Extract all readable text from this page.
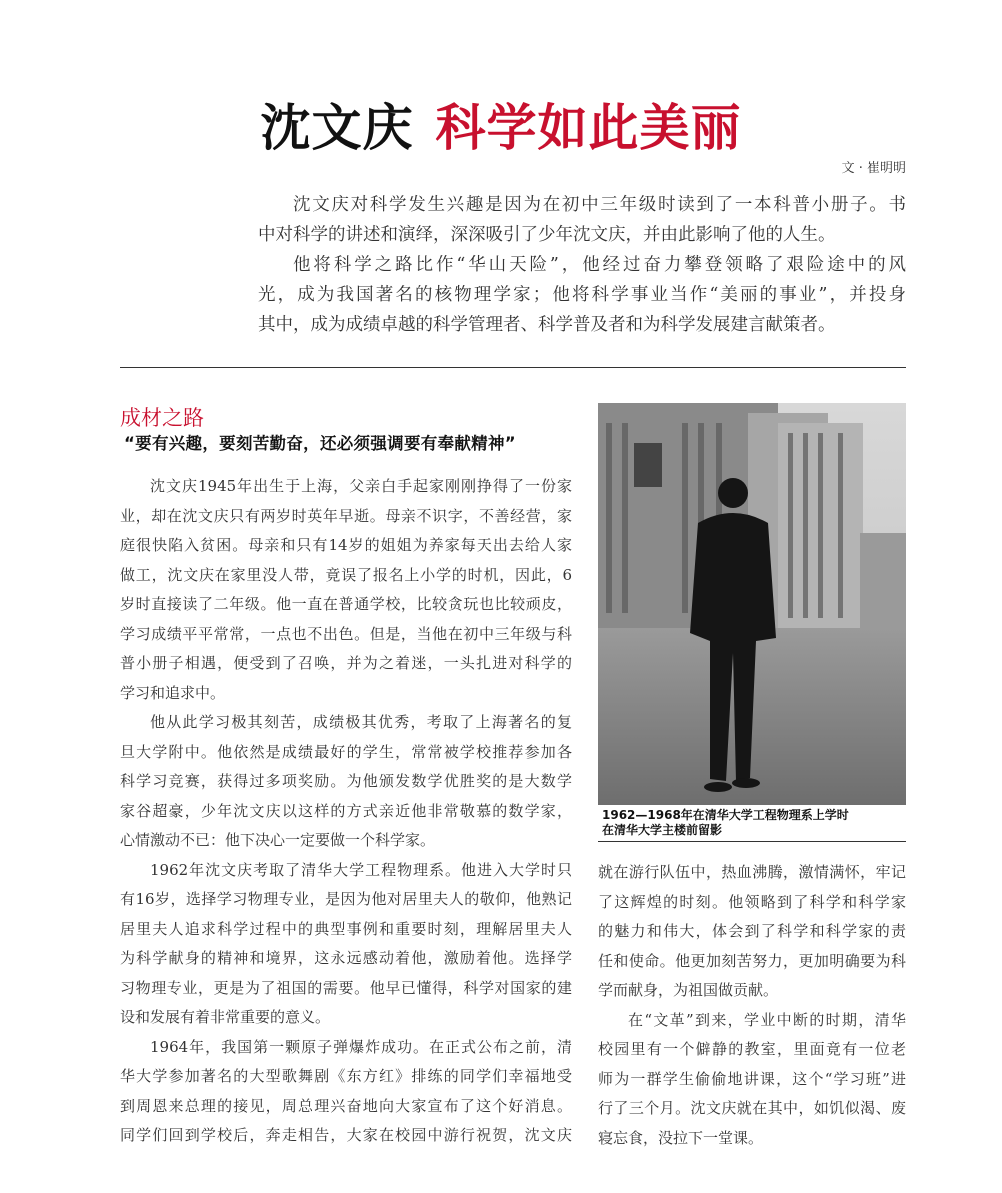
沈文庆 科学如此美丽
文 · 崔明明
沈文庆对科学发生兴趣是因为在初中三年级时读到了一本科普小册子。书
中对科学的讲述和演绎，深深吸引了少年沈文庆，并由此影响了他的人生。
他将科学之路比作“华山天险”，他经过奋力攀登领略了艰险途中的风
光，成为我国著名的核物理学家；他将科学事业当作“美丽的事业”，并投身
其中，成为成绩卓越的科学管理者、科学普及者和为科学发展建言献策者。
成材之路
“要有兴趣，要刻苦勤奋，还必须强调要有奉献精神”
沈文庆1945年出生于上海，父亲白手起家刚刚挣得了一份家
业，却在沈文庆只有两岁时英年早逝。母亲不识字，不善经营，家
庭很快陷入贫困。母亲和只有14岁的姐姐为养家每天出去给人家
做工，沈文庆在家里没人带，竟误了报名上小学的时机，因此，6
岁时直接读了二年级。他一直在普通学校，比较贪玩也比较顽皮，
学习成绩平平常常，一点也不出色。但是，当他在初中三年级与科
普小册子相遇，便受到了召唤，并为之着迷，一头扎进对科学的
学习和追求中。
他从此学习极其刻苦，成绩极其优秀，考取了上海著名的复
旦大学附中。他依然是成绩最好的学生，常常被学校推荐参加各
科学习竞赛，获得过多项奖励。为他颁发数学优胜奖的是大数学
家谷超豪，少年沈文庆以这样的方式亲近他非常敬慕的数学家，
心情激动不已：他下决心一定要做一个科学家。
1962年沈文庆考取了清华大学工程物理系。他进入大学时只
有16岁，选择学习物理专业，是因为他对居里夫人的敬仰，他熟记
居里夫人追求科学过程中的典型事例和重要时刻，理解居里夫人
为科学献身的精神和境界，这永远感动着他，激励着他。选择学
习物理专业，更是为了祖国的需要。他早已懂得，科学对国家的建
设和发展有着非常重要的意义。
1964年，我国第一颗原子弹爆炸成功。在正式公布之前，清
华大学参加著名的大型歌舞剧《东方红》排练的同学们幸福地受
到周恩来总理的接见，周总理兴奋地向大家宣布了这个好消息。
同学们回到学校后，奔走相告，大家在校园中游行祝贺，沈文庆
1962—1968年在清华大学工程物理系上学时
在清华大学主楼前留影
就在游行队伍中，热血沸腾，激情满怀，牢记
了这辉煌的时刻。他领略到了科学和科学家
的魅力和伟大，体会到了科学和科学家的责
任和使命。他更加刻苦努力，更加明确要为科
学而献身，为祖国做贡献。
在“文革”到来，学业中断的时期，清华
校园里有一个僻静的教室，里面竟有一位老
师为一群学生偷偷地讲课，这个“学习班”进
行了三个月。沈文庆就在其中，如饥似渴、废
寝忘食，没拉下一堂课。
